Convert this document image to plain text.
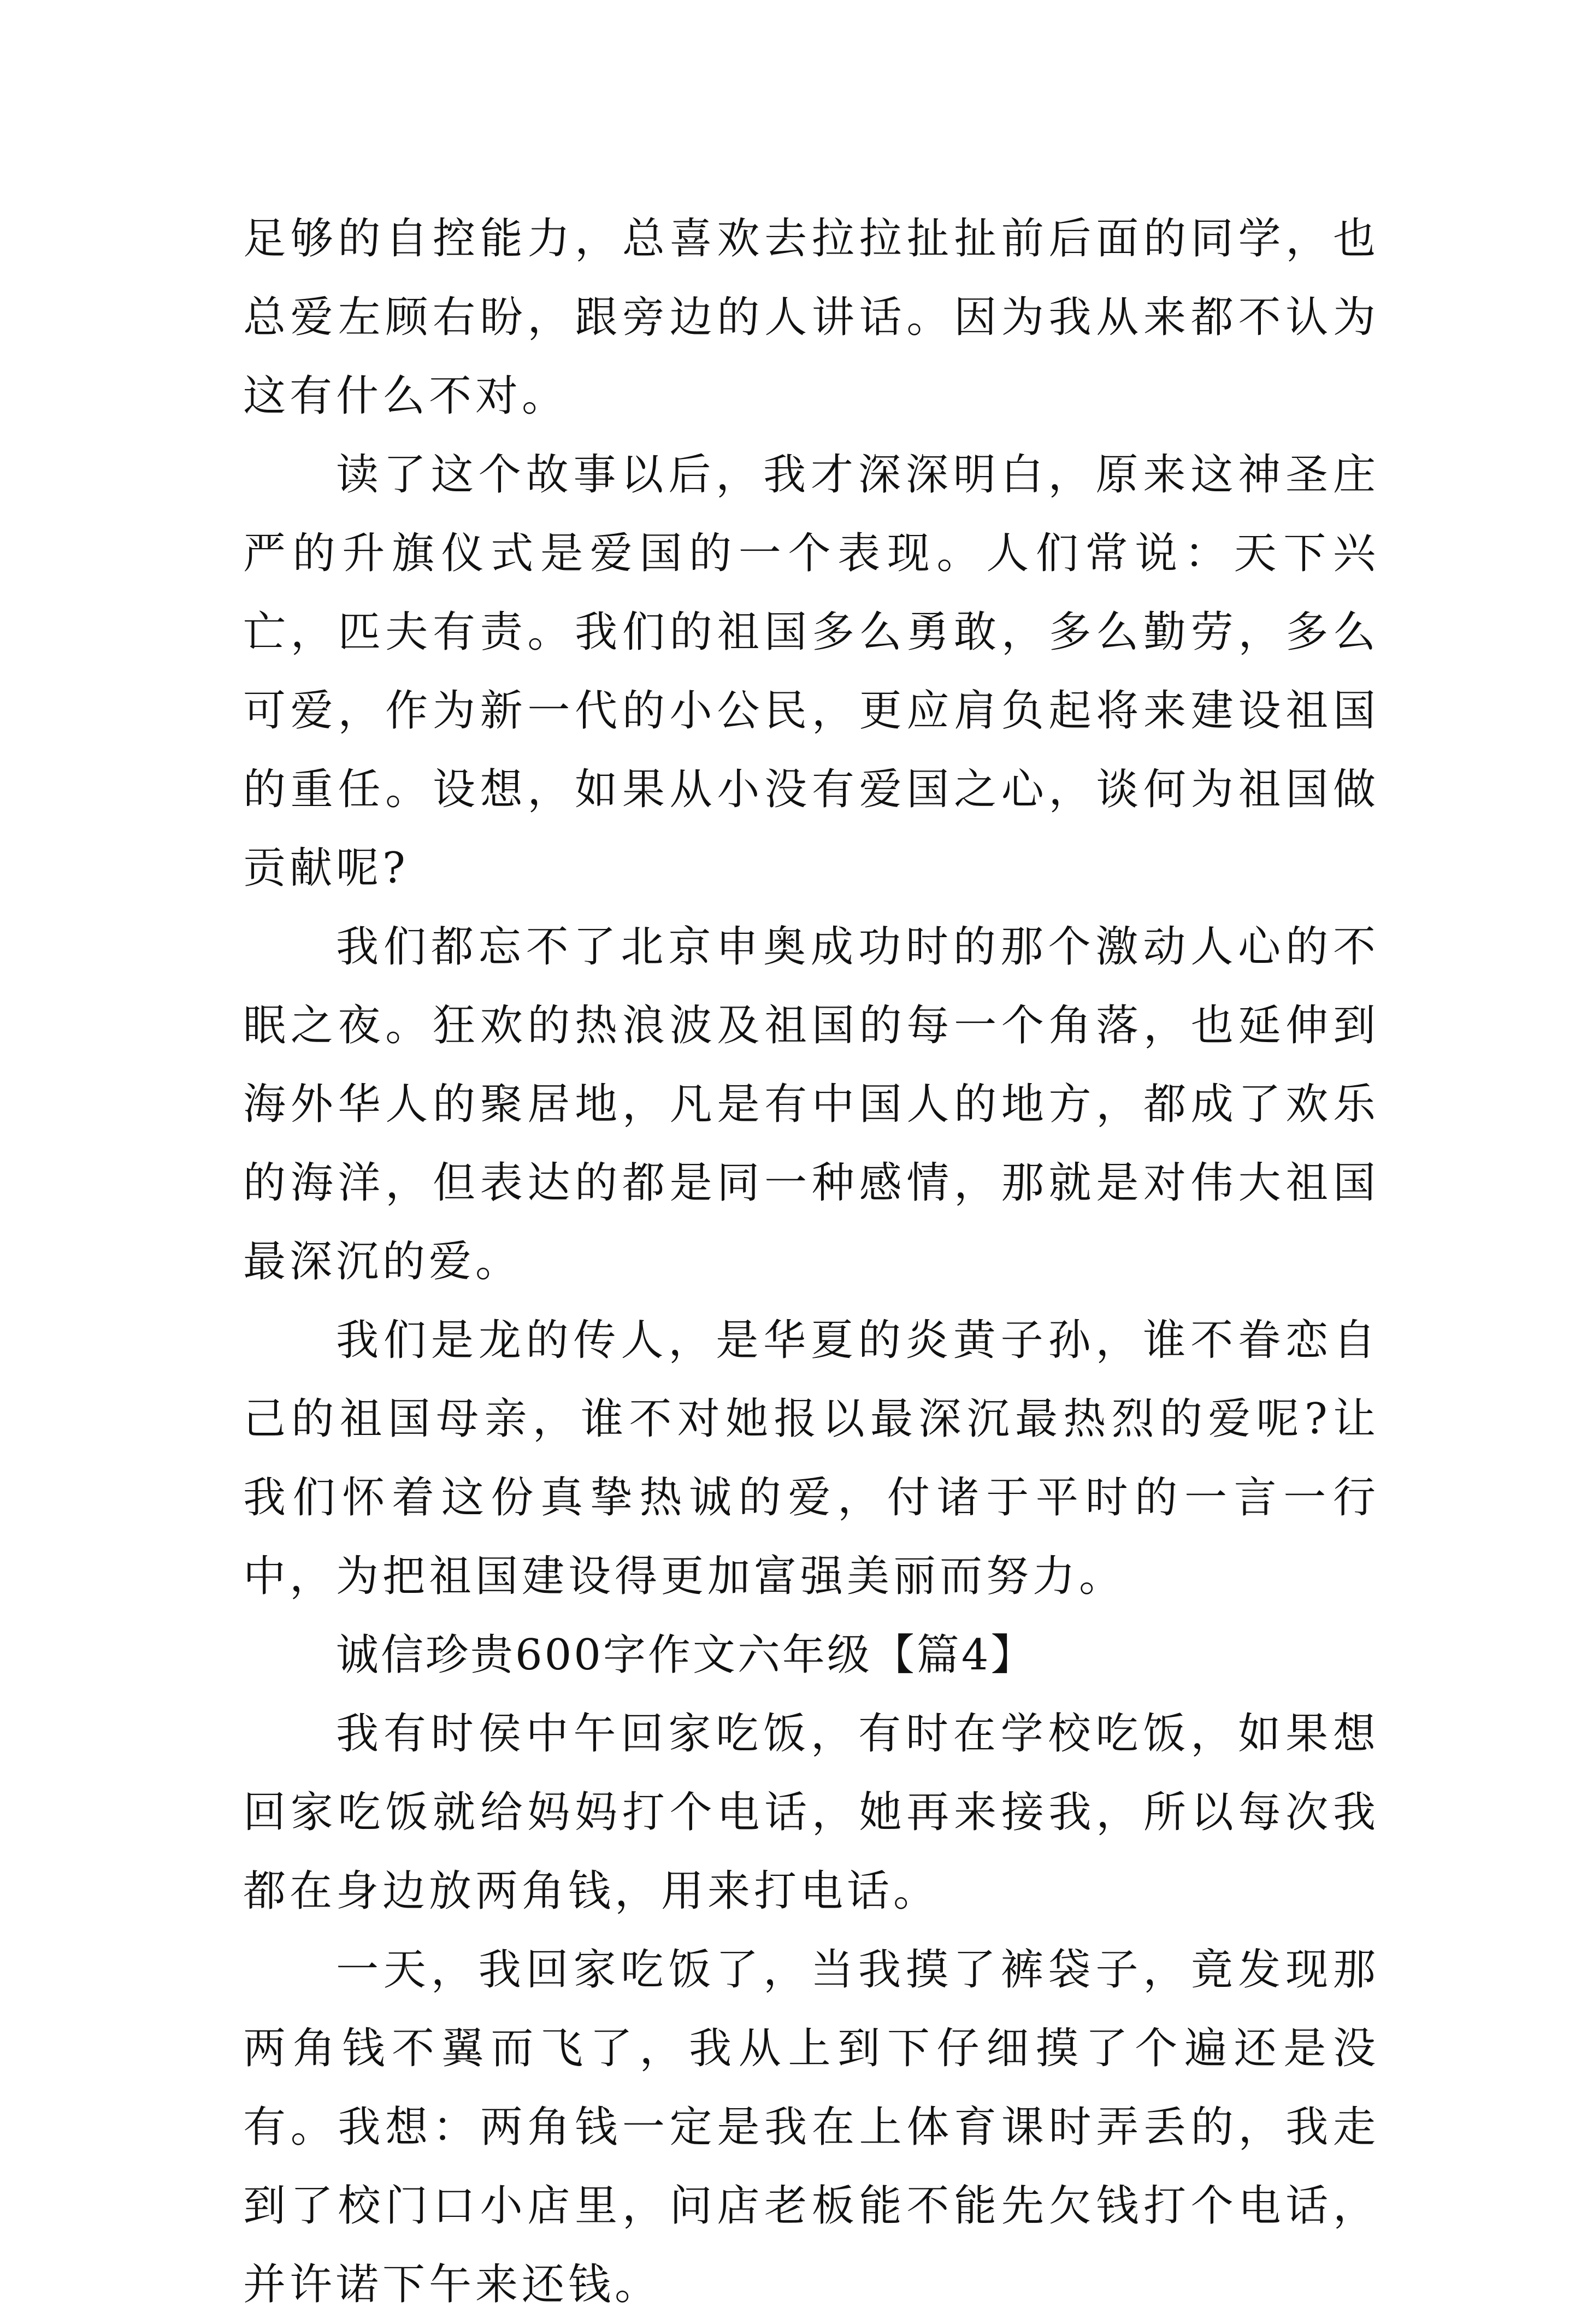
足够的自控能力，总喜欢去拉拉扯扯前后面的同学，也总爱左顾右盼，跟旁边的人讲话。因为我从来都不认为这有什么不对。

读了这个故事以后，我才深深明白，原来这神圣庄严的升旗仪式是爱国的一个表现。人们常说：天下兴亡，匹夫有责。我们的祖国多么勇敢，多么勤劳，多么可爱，作为新一代的小公民，更应肩负起将来建设祖国的重任。设想，如果从小没有爱国之心，谈何为祖国做贡献呢?

我们都忘不了北京申奥成功时的那个激动人心的不眠之夜。狂欢的热浪波及祖国的每一个角落，也延伸到海外华人的聚居地，凡是有中国人的地方，都成了欢乐的海洋，但表达的都是同一种感情，那就是对伟大祖国最深沉的爱。

我们是龙的传人，是华夏的炎黄子孙，谁不眷恋自己的祖国母亲，谁不对她报以最深沉最热烈的爱呢?让我们怀着这份真挚热诚的爱，付诸于平时的一言一行中，为把祖国建设得更加富强美丽而努力。

诚信珍贵600字作文六年级【篇4】

我有时侯中午回家吃饭，有时在学校吃饭，如果想回家吃饭就给妈妈打个电话，她再来接我，所以每次我都在身边放两角钱，用来打电话。

一天，我回家吃饭了，当我摸了裤袋子，竟发现那两角钱不翼而飞了，我从上到下仔细摸了个遍还是没有。我想：两角钱一定是我在上体育课时弄丢的，我走到了校门口小店里，问店老板能不能先欠钱打个电话，并许诺下午来还钱。
